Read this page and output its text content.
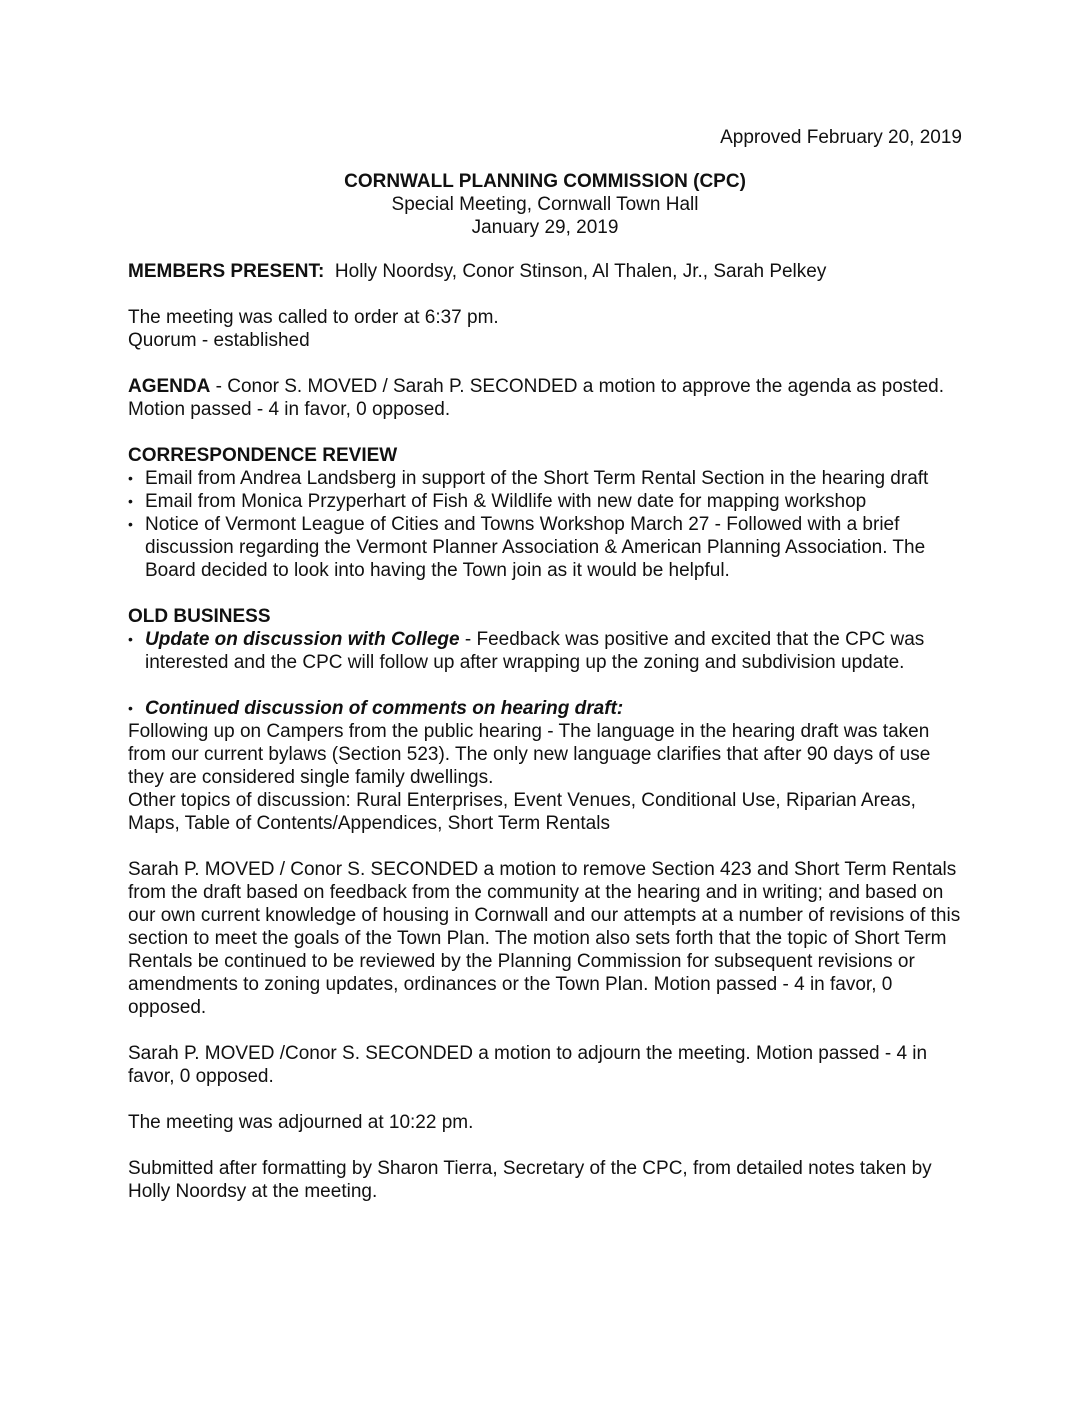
Approved February 20, 2019
CORNWALL PLANNING COMMISSION (CPC)
Special Meeting, Cornwall Town Hall
January 29, 2019

MEMBERS PRESENT: Holly Noordsy, Conor Stinson, Al Thalen, Jr., Sarah Pelkey

The meeting was called to order at 6:37 pm.
Quorum - established

AGENDA - Conor S. MOVED / Sarah P. SECONDED a motion to approve the agenda as posted. Motion passed - 4 in favor, 0 opposed.

CORRESPONDENCE REVIEW
• Email from Andrea Landsberg in support of the Short Term Rental Section in the hearing draft
• Email from Monica Przyperhart of Fish & Wildlife with new date for mapping workshop
• Notice of Vermont League of Cities and Towns Workshop March 27 - Followed with a brief discussion regarding the Vermont Planner Association & American Planning Association. The Board decided to look into having the Town join as it would be helpful.
OLD BUSINESS
• Update on discussion with College - Feedback was positive and excited that the CPC was interested and the CPC will follow up after wrapping up the zoning and subdivision update.
• Continued discussion of comments on hearing draft:
Following up on Campers from the public hearing - The language in the hearing draft was taken from our current bylaws (Section 523). The only new language clarifies that after 90 days of use they are considered single family dwellings.

Other topics of discussion: Rural Enterprises, Event Venues, Conditional Use, Riparian Areas, Maps, Table of Contents/Appendices, Short Term Rentals

Sarah P. MOVED / Conor S. SECONDED a motion to remove Section 423 and Short Term Rentals from the draft based on feedback from the community at the hearing and in writing; and based on our own current knowledge of housing in Cornwall and our attempts at a number of revisions of this section to meet the goals of the Town Plan. The motion also sets forth that the topic of Short Term Rentals be continued to be reviewed by the Planning Commission for subsequent revisions or amendments to zoning updates, ordinances or the Town Plan. Motion passed - 4 in favor, 0 opposed.

Sarah P. MOVED /Conor S. SECONDED a motion to adjourn the meeting. Motion passed - 4 in favor, 0 opposed.

The meeting was adjourned at 10:22 pm.

Submitted after formatting by Sharon Tierra, Secretary of the CPC, from detailed notes taken by Holly Noordsy at the meeting.
